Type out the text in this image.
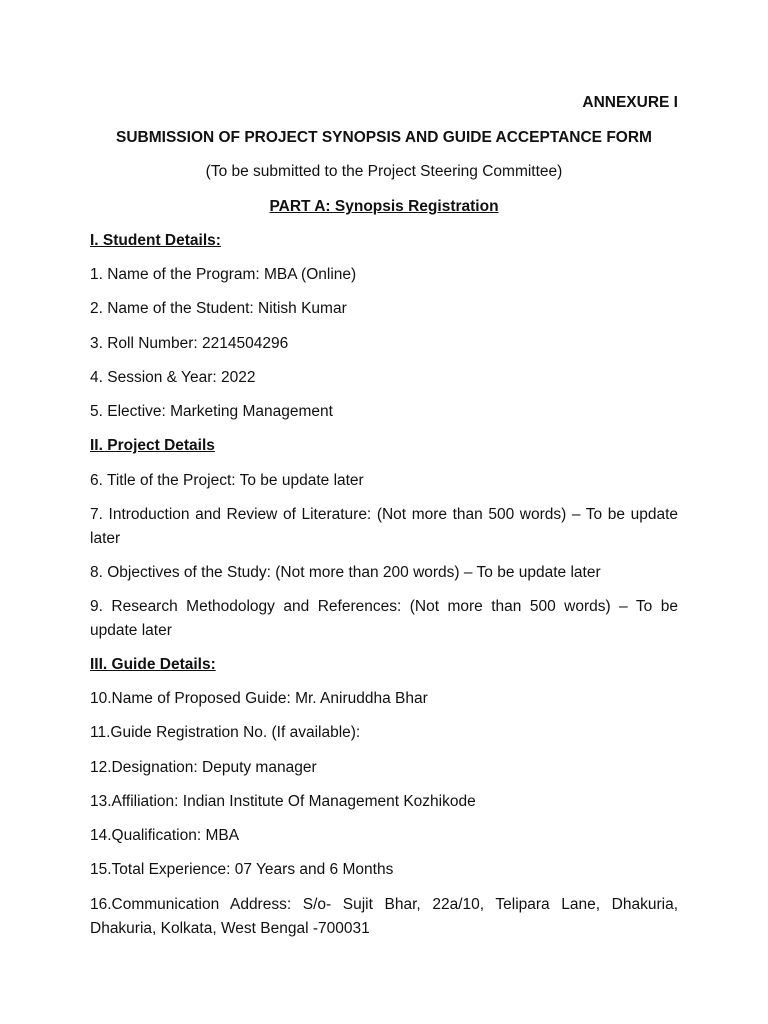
ANNEXURE I
SUBMISSION OF PROJECT SYNOPSIS AND GUIDE ACCEPTANCE FORM
(To be submitted to the Project Steering Committee)
PART A: Synopsis Registration
I. Student Details:
1. Name of the Program: MBA (Online)
2. Name of the Student: Nitish Kumar
3. Roll Number: 2214504296
4. Session & Year: 2022
5. Elective: Marketing Management
II. Project Details
6. Title of the Project: To be update later
7. Introduction and Review of Literature: (Not more than 500 words) – To be update later
8. Objectives of the Study: (Not more than 200 words) – To be update later
9. Research Methodology and References: (Not more than 500 words) – To be update later
III. Guide Details:
10.Name of Proposed Guide: Mr. Aniruddha Bhar
11.Guide Registration No. (If available):
12.Designation: Deputy manager
13.Affiliation: Indian Institute Of Management Kozhikode
14.Qualification: MBA
15.Total Experience: 07 Years and 6 Months
16.Communication Address: S/o- Sujit Bhar, 22a/10, Telipara Lane, Dhakuria, Dhakuria, Kolkata, West Bengal -700031
